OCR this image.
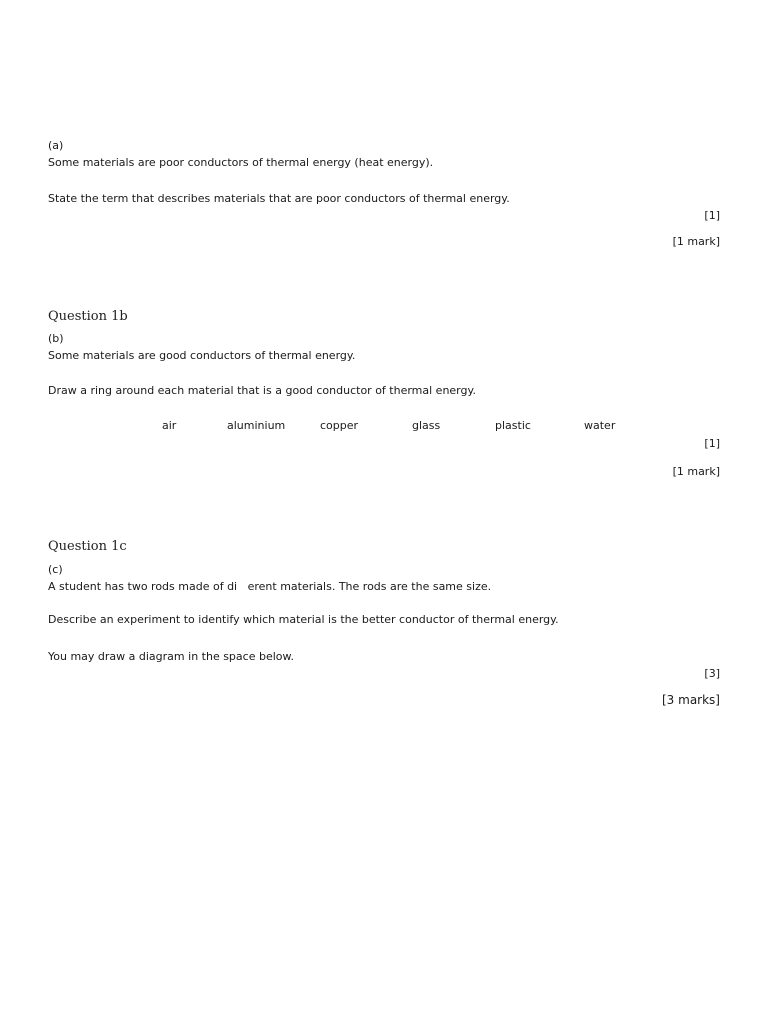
(a)
Some materials are poor conductors of thermal energy (heat energy).
State the term that describes materials that are poor conductors of thermal energy.
[1]
[1 mark]
Question 1b
(b)
Some materials are good conductors of thermal energy.
Draw a ring around each material that is a good conductor of thermal energy.
air	aluminium	copper	glass	plastic	water
[1]
[1 mark]
Question 1c
(c)
A student has two rods made of di   erent materials. The rods are the same size.
Describe an experiment to identify which material is the better conductor of thermal energy.
You may draw a diagram in the space below.
[3]
[3 marks]
